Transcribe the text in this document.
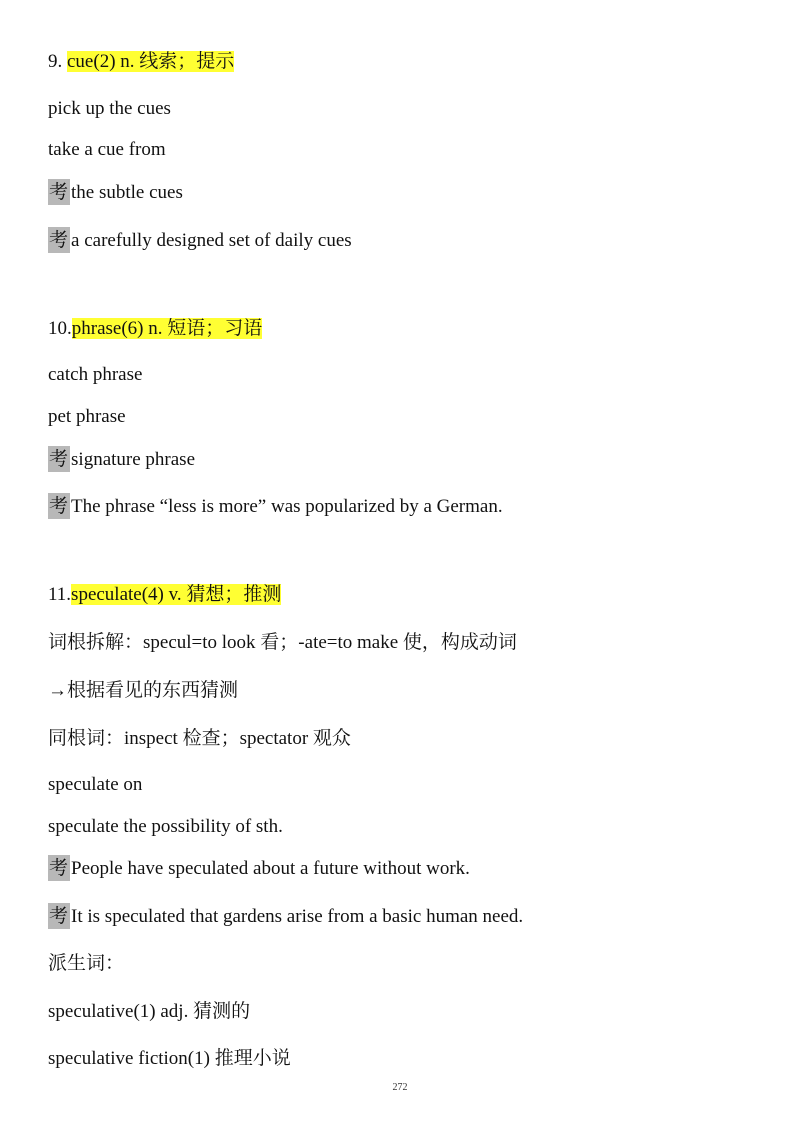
9. cue(2) n. 线索；提示
pick up the cues
take a cue from
考 the subtle cues
考 a carefully designed set of daily cues
10.phrase(6) n. 短语；习语
catch phrase
pet phrase
考 signature phrase
考 The phrase “less is more” was popularized by a German.
11.speculate(4) v. 猜想；推测
词根拆解：specul=to look 看；-ate=to make 使，构成动词
→根据看见的东西猜测
同根词：inspect 检查；spectator 观众
speculate on
speculate the possibility of sth.
考 People have speculated about a future without work.
考 It is speculated that gardens arise from a basic human need.
派生词：
speculative(1) adj. 猜测的
speculative fiction(1) 推理小说
272
